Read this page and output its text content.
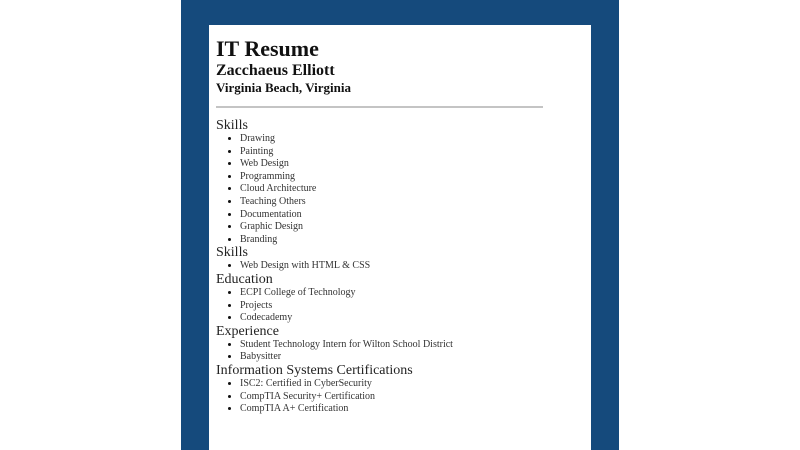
IT Resume
Zacchaeus Elliott
Virginia Beach, Virginia
Skills
• Drawing
• Painting
• Web Design
• Programming
• Cloud Architecture
• Teaching Others
• Documentation
• Graphic Design
• Branding
Skills
• Web Design with HTML & CSS
Education
• ECPI College of Technology
• Projects
• Codecademy
Experience
• Student Technology Intern for Wilton School District
• Babysitter
Information Systems Certifications
• ISC2: Certified in CyberSecurity
• CompTIA Security+ Certification
• CompTIA A+ Certification
